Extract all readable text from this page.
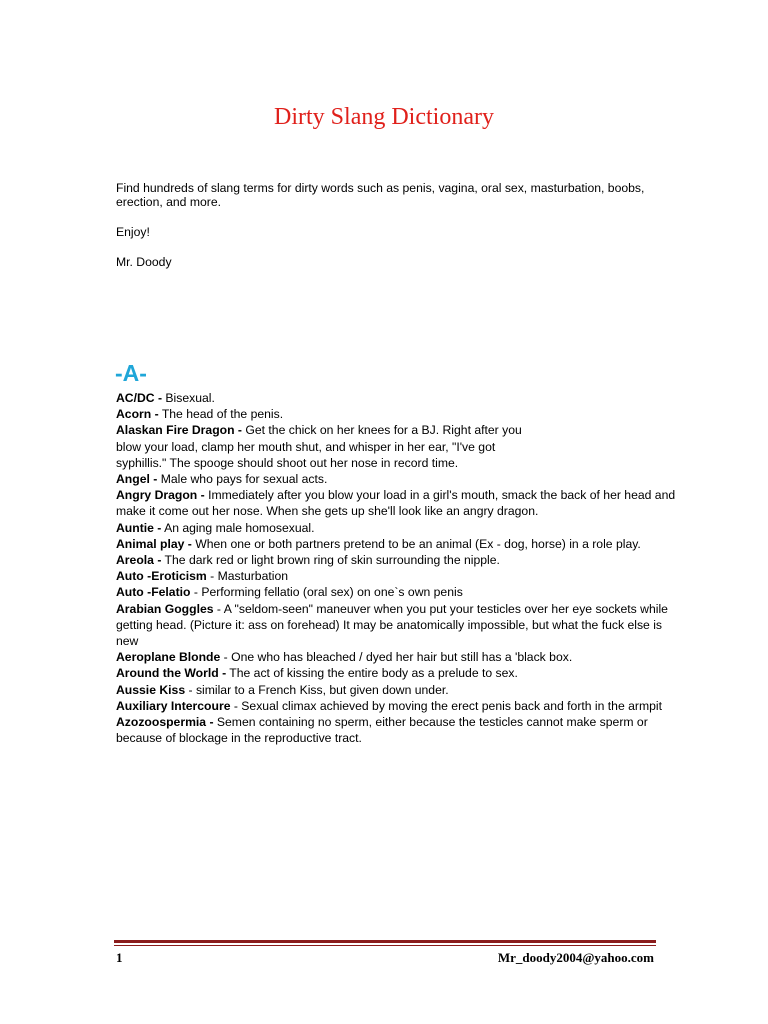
Dirty Slang Dictionary

Find hundreds of slang terms for dirty words such as penis, vagina, oral sex, masturbation, boobs, erection, and more.

Enjoy!

Mr. Doody

-A-

AC/DC - Bisexual.

Acorn - The head of the penis.

Alaskan Fire Dragon - Get the chick on her knees for a BJ. Right after you
blow your load, clamp her mouth shut, and whisper in her ear, "I've got
syphillis." The spooge should shoot out her nose in record time.

Angel - Male who pays for sexual acts.

Angry Dragon - Immediately after you blow your load in a girl's mouth, smack the back of her head and make it come out her nose. When she gets up she'll look like an angry dragon.

Auntie - An aging male homosexual.

Animal play - When one or both partners pretend to be an animal (Ex - dog, horse) in a role play.

Areola - The dark red or light brown ring of skin surrounding the nipple.

Auto -Eroticism - Masturbation

Auto -Felatio - Performing fellatio (oral sex) on one`s own penis

Arabian Goggles - A "seldom-seen" maneuver when you put your testicles over her eye sockets while getting head. (Picture it: ass on forehead) It may be anatomically impossible, but what the fuck else is new

Aeroplane Blonde - One who has bleached / dyed her hair but still has a 'black box.

Around the World - The act of kissing the entire body as a prelude to sex.

Aussie Kiss - similar to a French Kiss, but given down under.

Auxiliary Intercoure - Sexual climax achieved by moving the erect penis back and forth in the armpit

Azozoospermia - Semen containing no sperm, either because the testicles cannot make sperm or because of blockage in the reproductive tract.

1	Mr_doody2004@yahoo.com
